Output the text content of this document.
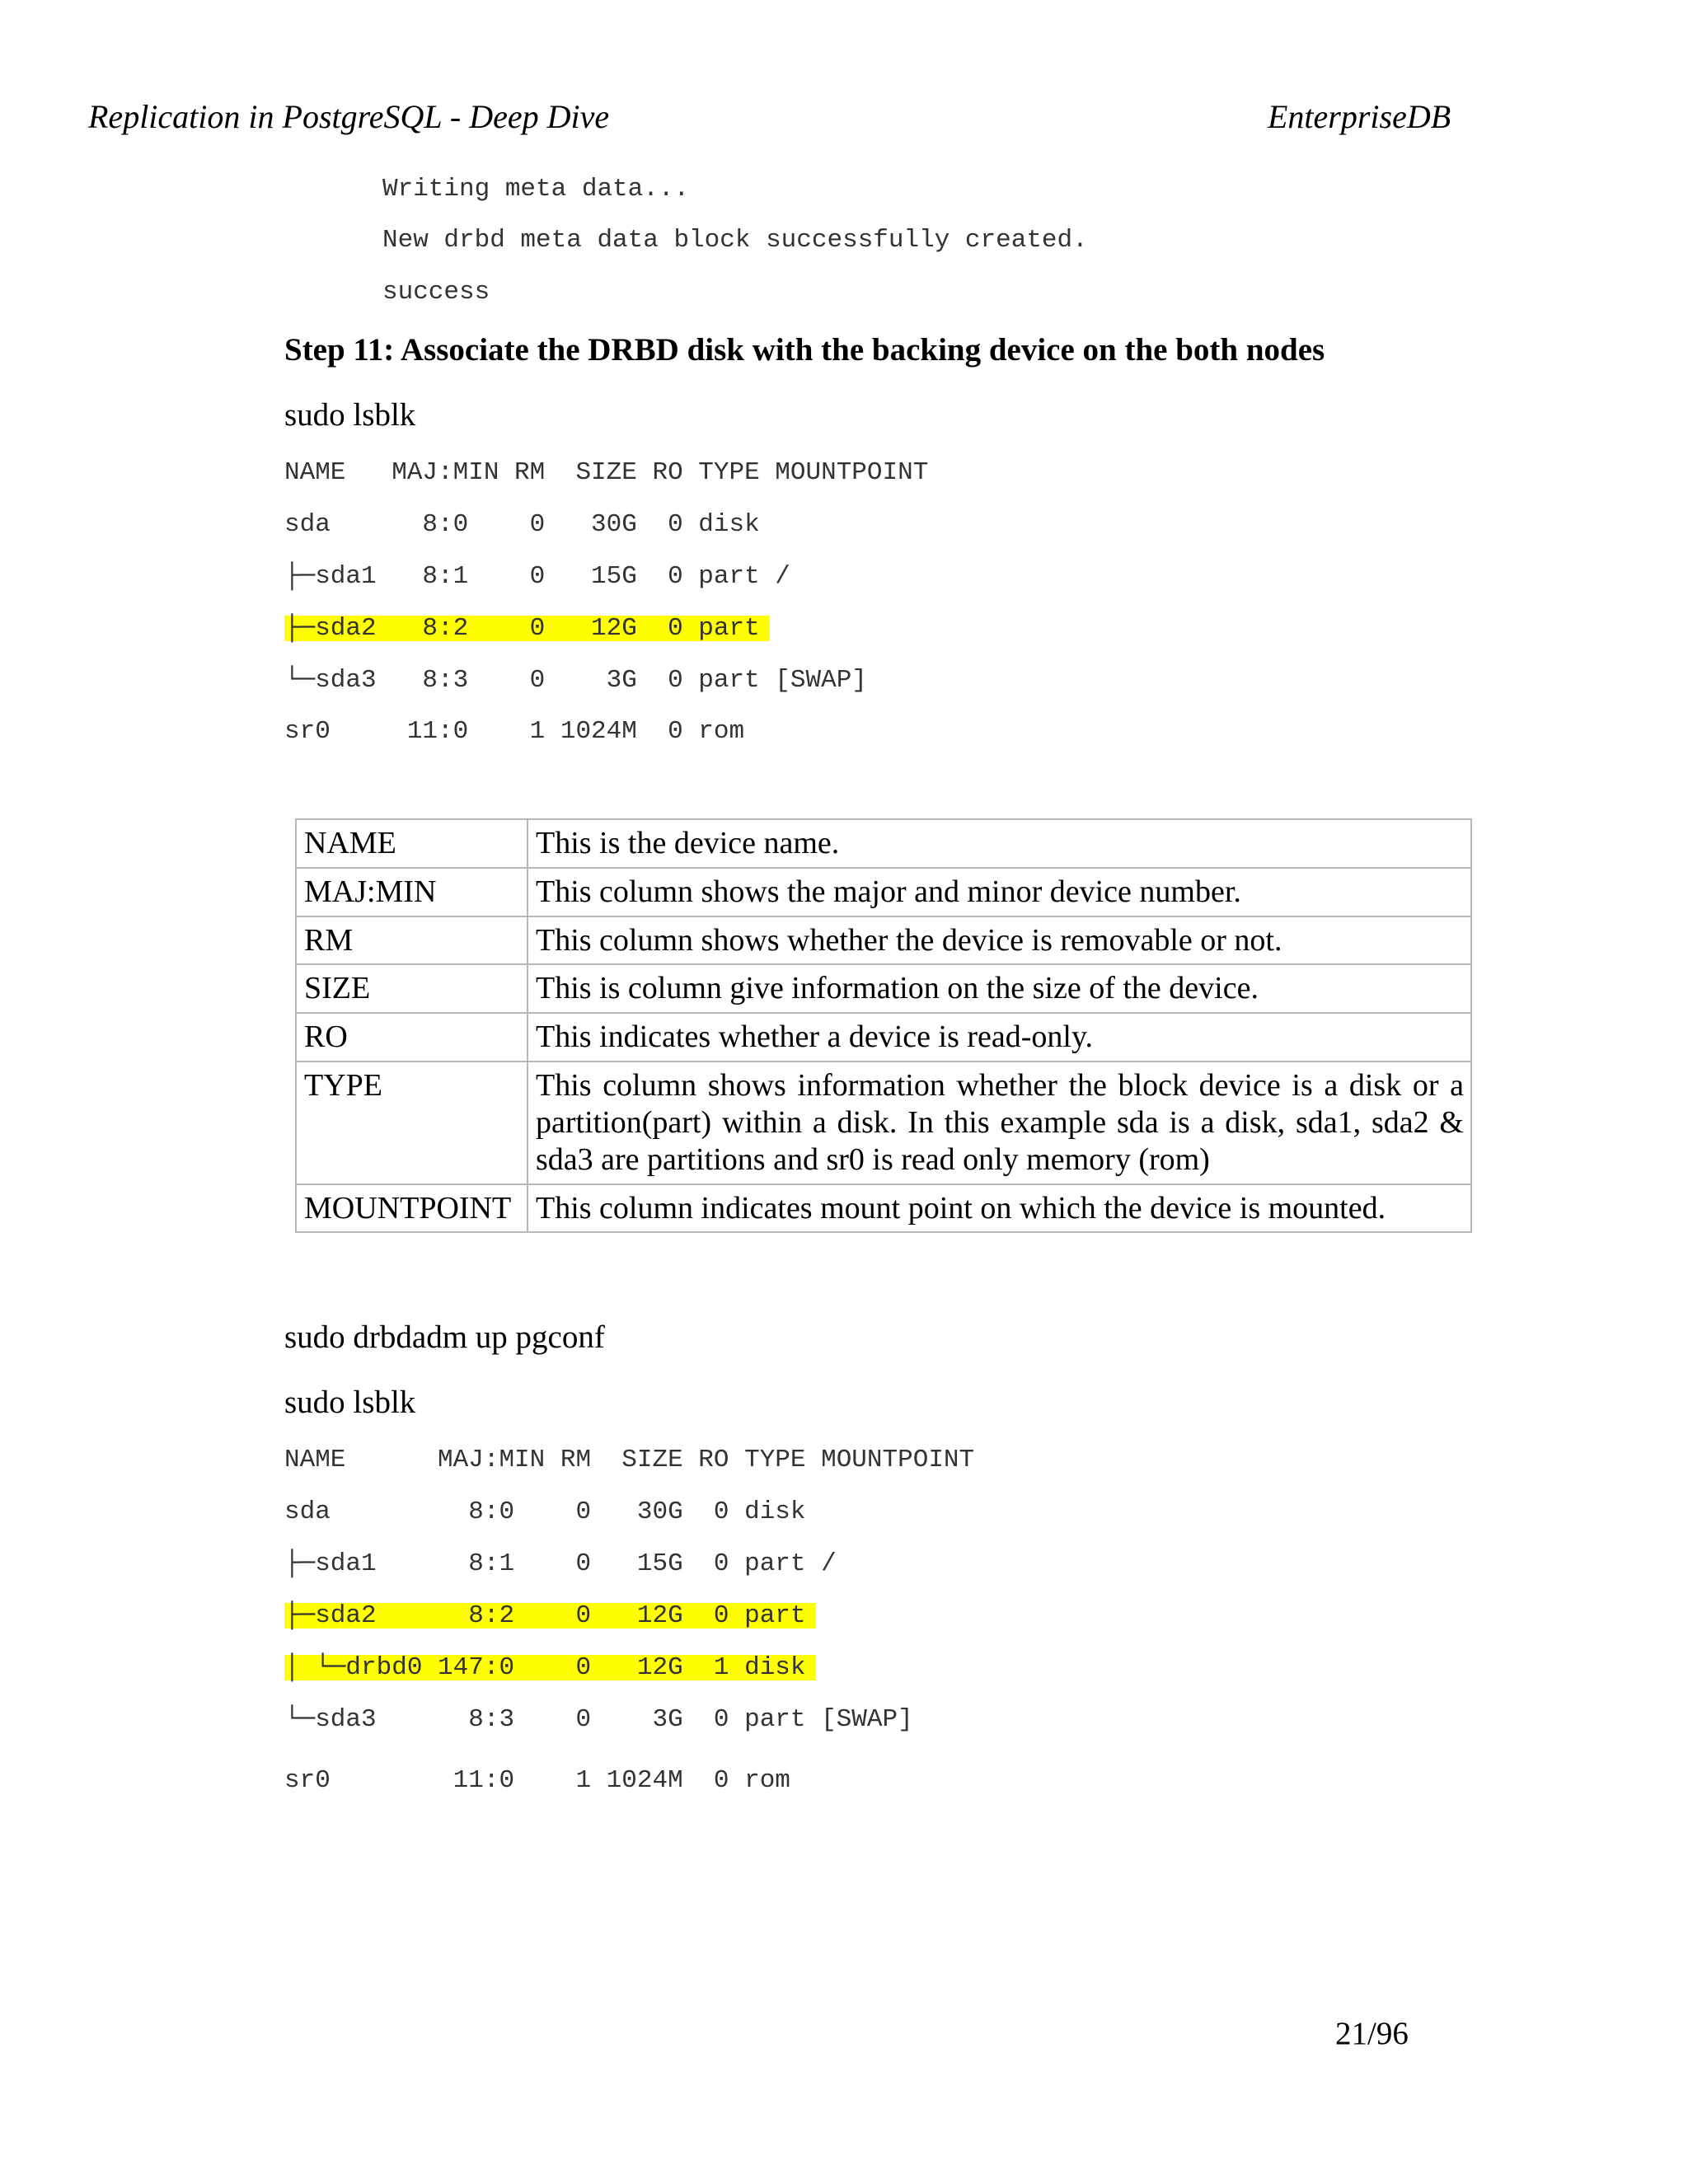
Replication in PostgreSQL - Deep Dive	EnterpriseDB
Writing meta data...
New drbd meta data block successfully created.
success
Step 11: Associate the DRBD disk with the backing device on the both nodes
sudo lsblk
NAME   MAJ:MIN RM  SIZE RO TYPE MOUNTPOINT
sda      8:0    0   30G  0 disk
├─sda1   8:1    0   15G  0 part /
├─sda2   8:2    0   12G  0 part
└─sda3   8:3    0    3G  0 part [SWAP]
sr0     11:0    1 1024M  0 rom
NAME	This is the device name.
MAJ:MIN	This column shows the major and minor device number.
RM	This column shows whether the device is removable or not.
SIZE	This is column give information on the size of the device.
RO	This indicates whether a device is read-only.
TYPE	This column shows information whether the block device is a disk or a partition(part) within a disk. In this example sda is a disk, sda1, sda2 & sda3 are partitions and sr0 is read only memory (rom)
MOUNTPOINT	This column indicates mount point on which the device is mounted.
sudo drbdadm up pgconf
sudo lsblk
NAME      MAJ:MIN RM  SIZE RO TYPE MOUNTPOINT
sda         8:0    0   30G  0 disk
├─sda1      8:1    0   15G  0 part /
├─sda2      8:2    0   12G  0 part
│ └─drbd0 147:0    0   12G  1 disk
└─sda3      8:3    0    3G  0 part [SWAP]
sr0        11:0    1 1024M  0 rom
21/96
